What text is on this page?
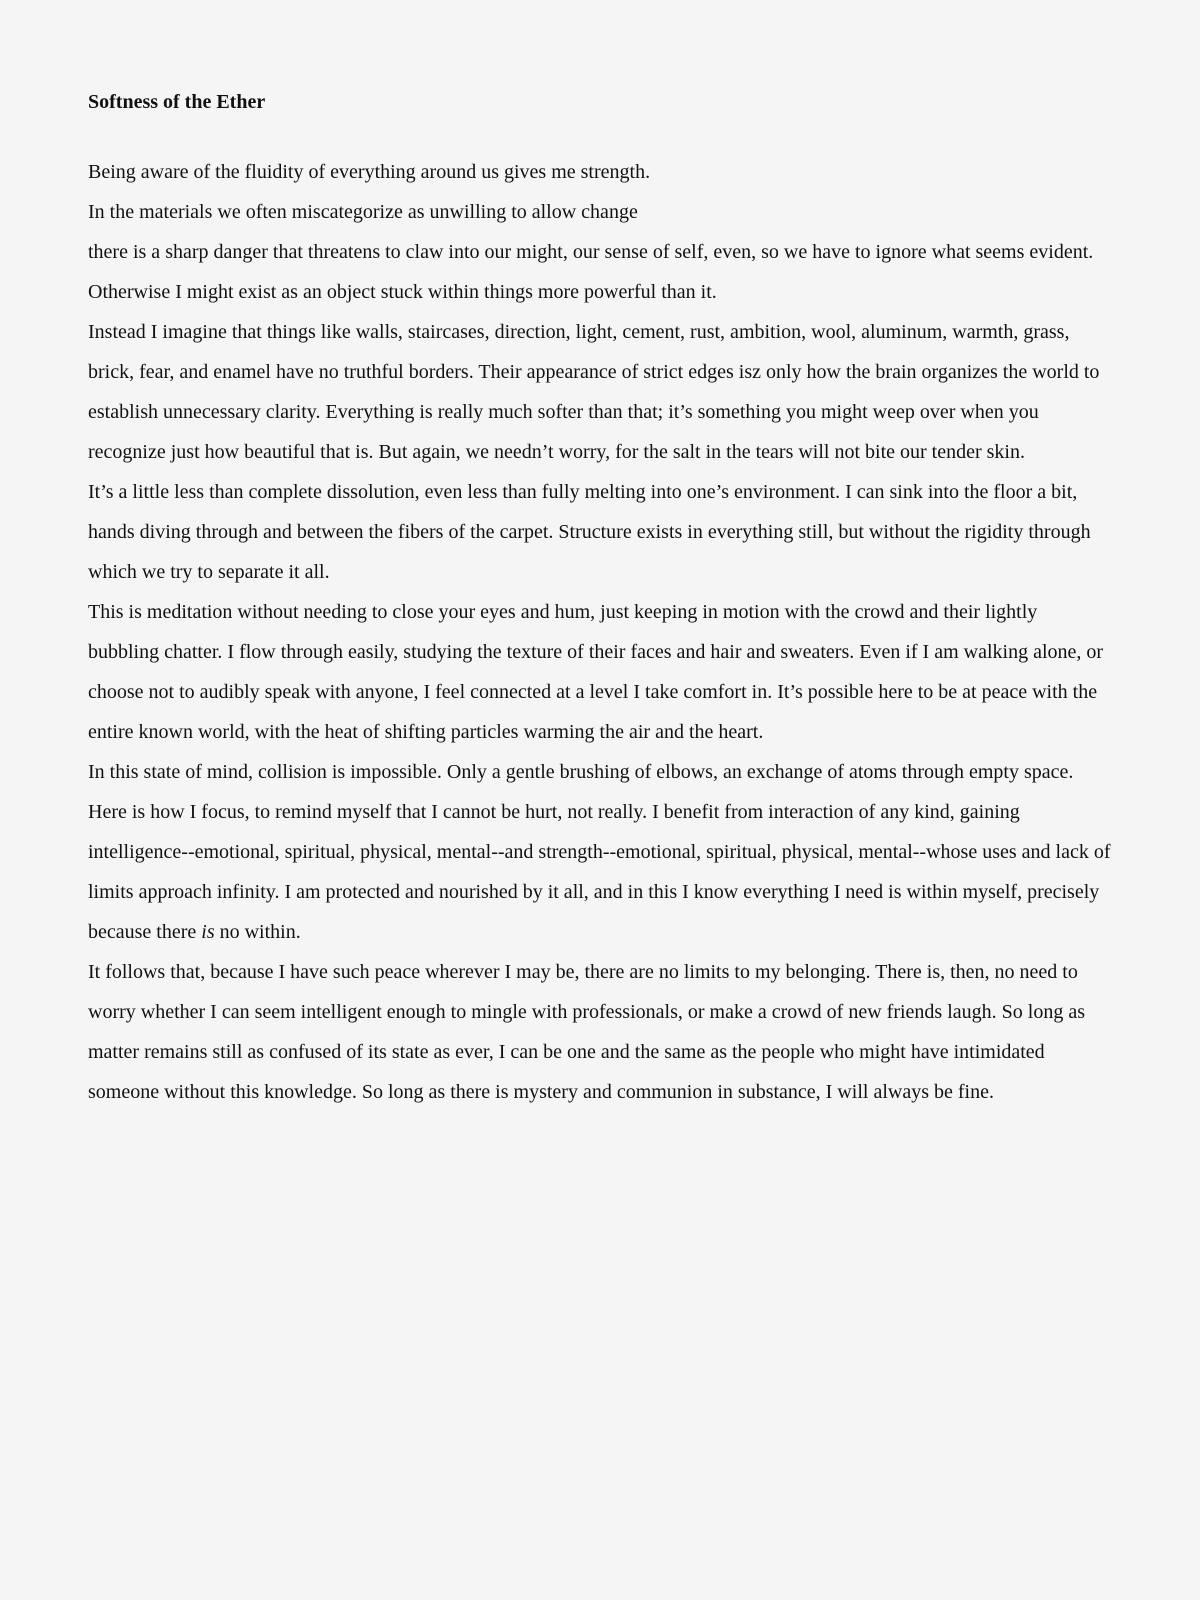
Softness of the Ether

Being aware of the fluidity of everything around us gives me strength.

In the materials we often miscategorize as unwilling to allow change

there is a sharp danger that threatens to claw into our might, our sense of self, even, so we have to ignore what seems evident.

Otherwise I might exist as an object stuck within things more powerful than it.

Instead I imagine that things like walls, staircases, direction, light, cement, rust, ambition, wool, aluminum, warmth, grass, brick, fear, and enamel have no truthful borders. Their appearance of strict edges isz only how the brain organizes the world to establish unnecessary clarity. Everything is really much softer than that; it’s something you might weep over when you recognize just how beautiful that is. But again, we needn’t worry, for the salt in the tears will not bite our tender skin.

It’s a little less than complete dissolution, even less than fully melting into one’s environment. I can sink into the floor a bit, hands diving through and between the fibers of the carpet. Structure exists in everything still, but without the rigidity through which we try to separate it all.

This is meditation without needing to close your eyes and hum, just keeping in motion with the crowd and their lightly bubbling chatter. I flow through easily, studying the texture of their faces and hair and sweaters. Even if I am walking alone, or choose not to audibly speak with anyone, I feel connected at a level I take comfort in. It’s possible here to be at peace with the entire known world, with the heat of shifting particles warming the air and the heart.

In this state of mind, collision is impossible. Only a gentle brushing of elbows, an exchange of atoms through empty space.

Here is how I focus, to remind myself that I cannot be hurt, not really. I benefit from interaction of any kind, gaining intelligence--emotional, spiritual, physical, mental--and strength--emotional, spiritual, physical, mental--whose uses and lack of limits approach infinity. I am protected and nourished by it all, and in this I know everything I need is within myself, precisely because there is no within.

It follows that, because I have such peace wherever I may be, there are no limits to my belonging. There is, then, no need to worry whether I can seem intelligent enough to mingle with professionals, or make a crowd of new friends laugh. So long as matter remains still as confused of its state as ever, I can be one and the same as the people who might have intimidated someone without this knowledge. So long as there is mystery and communion in substance, I will always be fine.
